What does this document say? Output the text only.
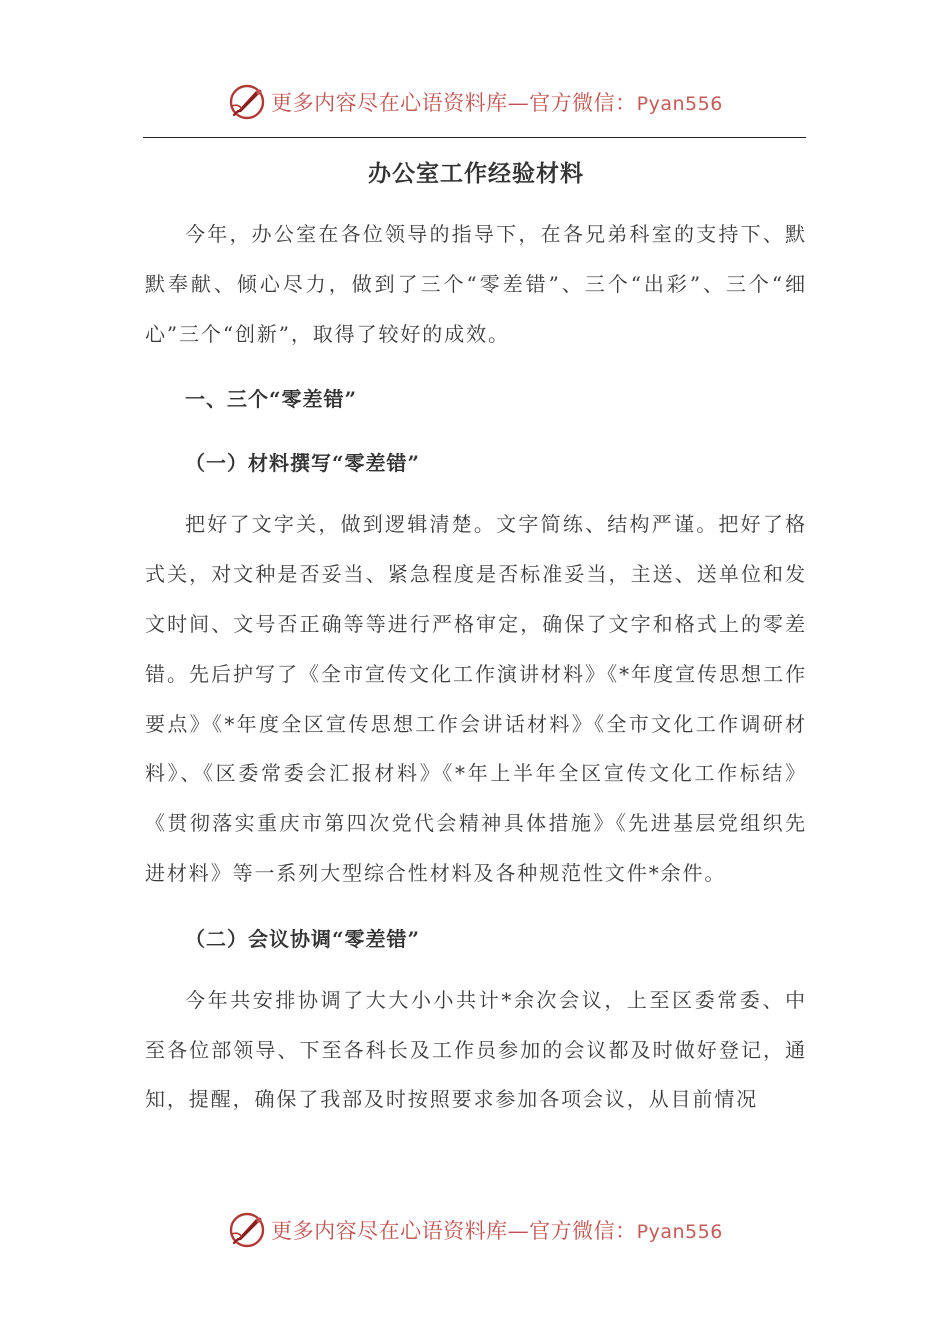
更多内容尽在心语资料库—官方微信：Pyan556
办公室工作经验材料

今年，办公室在各位领导的指导下，在各兄弟科室的支持下、默默奉献、倾心尽力，做到了三个“零差错”、三个“出彩”、三个“细心”三个“创新”，取得了较好的成效。

一、三个“零差错”

（一）材料撰写“零差错”

把好了文字关，做到逻辑清楚。文字简练、结构严谨。把好了格式关，对文种是否妥当、紧急程度是否标准妥当，主送、送单位和发文时间、文号否正确等等进行严格审定，确保了文字和格式上的零差错。先后护写了《全市宣传文化工作演讲材料》《*年度宣传思想工作要点》《*年度全区宣传思想工作会讲话材料》《全市文化工作调研材料》、《区委常委会汇报材料》《*年上半年全区宣传文化工作标结》《贯彻落实重庆市第四次党代会精神具体措施》《先进基层党组织先进材料》等一系列大型综合性材料及各种规范性文件*余件。

（二）会议协调“零差错”

今年共安排协调了大大小小共计*余次会议，上至区委常委、中至各位部领导、下至各科长及工作员参加的会议都及时做好登记，通知，提醒，确保了我部及时按照要求参加各项会议，从目前情况

更多内容尽在心语资料库—官方微信：Pyan556
